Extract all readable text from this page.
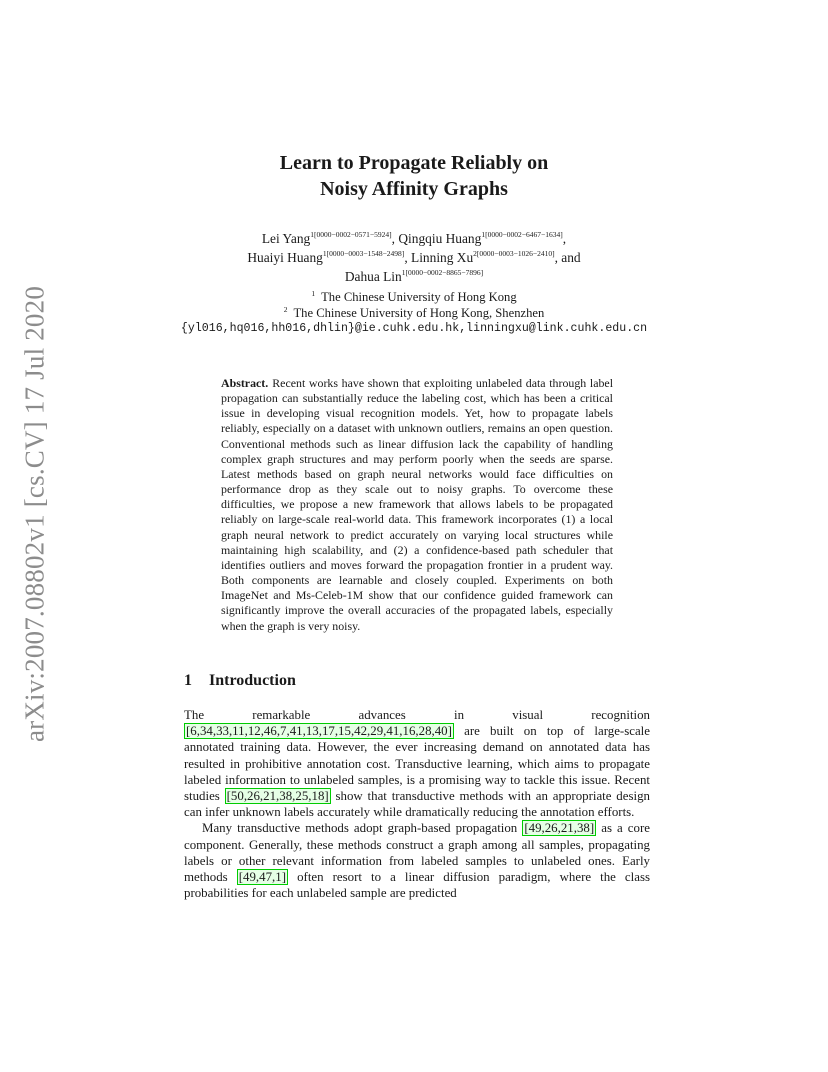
arXiv:2007.08802v1 [cs.CV] 17 Jul 2020
Learn to Propagate Reliably on
Noisy Affinity Graphs
Lei Yang$^{1[0000-0002-0571-5924]}$, Qingqiu Huang$^{1[0000-0002-6467-1634]}$,
Huaiyi Huang$^{1[0000-0003-1548-2498]}$, Linning $Xu^{2[0000-0003-1026-2410]}$, and
Dahua Lin$^{1[0000-0002-8865-7896]}$
$^1$ The Chinese University of Hong Kong
$^2$ The Chinese University of Hong Kong, Shenzhen
{yl016,hq016,hh016,dhlin}@ie.cuhk.edu.hk,linningxu@link.cuhk.edu.cn
Abstract. Recent works have shown that exploiting unlabeled data through label propagation can substantially reduce the labeling cost, which has been a critical issue in developing visual recognition models. Yet, how to propagate labels reliably, especially on a dataset with unknown outliers, remains an open question. Conventional methods such as linear diffusion lack the capability of handling complex graph structures and may perform poorly when the seeds are sparse. Latest methods based on graph neural networks would face difficulties on performance drop as they scale out to noisy graphs. To overcome these difficulties, we propose a new framework that allows labels to be propagated reliably on large-scale real-world data. This framework incorporates (1) a local graph neural network to predict accurately on varying local structures while maintaining high scalability, and (2) a confidence-based path scheduler that identifies outliers and moves forward the propagation frontier in a prudent way. Both components are learnable and closely coupled. Experiments on both ImageNet and Ms-Celeb-1M show that our confidence guided framework can significantly improve the overall accuracies of the propagated labels, especially when the graph is very noisy.
1 Introduction

The remarkable advances in visual recognition [6,34,33,11,12,46,7,41,13,17,15,42,29,41,16,28,40] are built on top of large-scale annotated training data. However, the ever increasing demand on annotated data has resulted in prohibitive annotation cost. Transductive learning, which aims to propagate labeled information to unlabeled samples, is a promising way to tackle this issue. Recent studies [50,26,21,38,25,18] show that transductive methods with an appropriate design can infer unknown labels accurately while dramatically reducing the annotation efforts.

Many transductive methods adopt graph-based propagation [49,26,21,38] as a core component. Generally, these methods construct a graph among all samples, propagating labels or other relevant information from labeled samples to unlabeled ones. Early methods [49,47,1] often resort to a linear diffusion paradigm, where the class probabilities for each unlabeled sample are predicted
